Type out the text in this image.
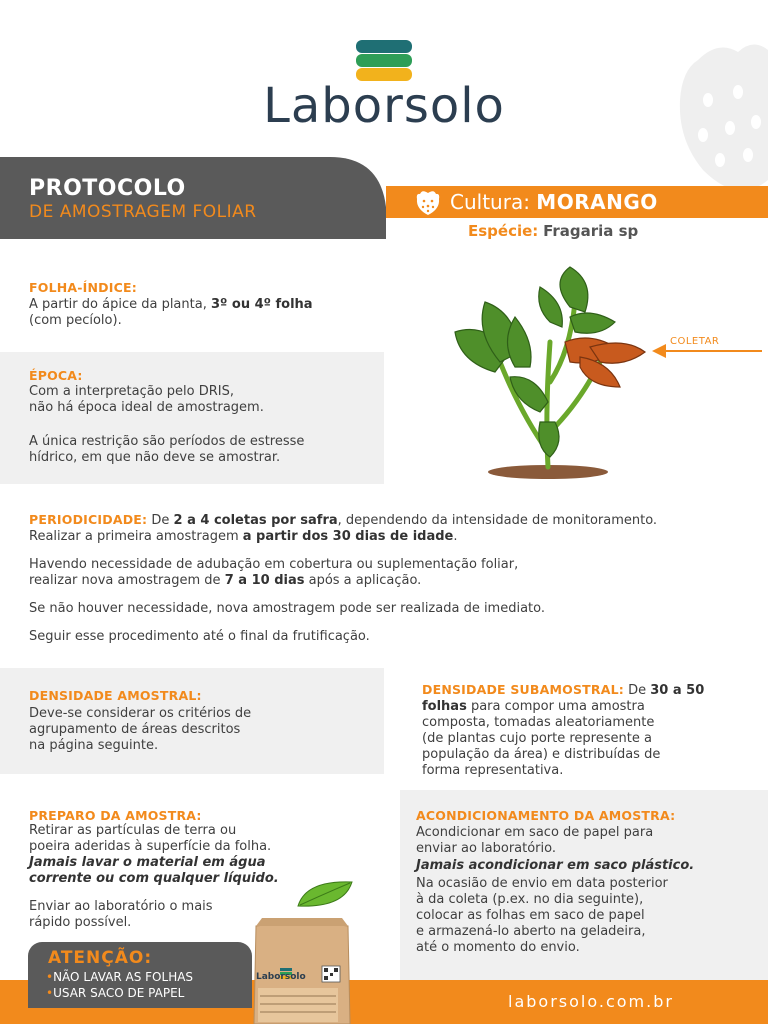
Laborsolo
PROTOCOLO
DE AMOSTRAGEM FOLIAR	Cultura: MORANGO
Espécie: Fragaria sp
FOLHA-ÍNDICE:
A partir do ápice da planta, 3º ou 4º folha
(com pecíolo).
COLETAR
ÉPOCA:
Com a interpretação pelo DRIS,
não há época ideal de amostragem.
A única restrição são períodos de estresse
hídrico, em que não deve se amostrar.
PERIODICIDADE: De 2 a 4 coletas por safra, dependendo da intensidade de monitoramento.
Realizar a primeira amostragem a partir dos 30 dias de idade.
Havendo necessidade de adubação em cobertura ou suplementação foliar,
realizar nova amostragem de 7 a 10 dias após a aplicação.
Se não houver necessidade, nova amostragem pode ser realizada de imediato.
Seguir esse procedimento até o final da frutificação.
DENSIDADE AMOSTRAL:
Deve-se considerar os critérios de
agrupamento de áreas descritos
na página seguinte.
DENSIDADE SUBAMOSTRAL: De 30 a 50
folhas para compor uma amostra
composta, tomadas aleatoriamente
(de plantas cujo porte represente a
população da área) e distribuídas de
forma representativa.
PREPARO DA AMOSTRA:
Retirar as partículas de terra ou
poeira aderidas à superfície da folha.
Jamais lavar o material em água
corrente ou com qualquer líquido.
Enviar ao laboratório o mais
rápido possível.
ACONDICIONAMENTO DA AMOSTRA:
Acondicionar em saco de papel para
enviar ao laboratório.
Jamais acondicionar em saco plástico.
Na ocasião de envio em data posterior
à da coleta (p.ex. no dia seguinte),
colocar as folhas em saco de papel
e armazená-lo aberto na geladeira,
até o momento do envio.
laborsolo.com.br
ATENÇÃO:
•NÃO LAVAR AS FOLHAS
•USAR SACO DE PAPEL
Laborsolo
